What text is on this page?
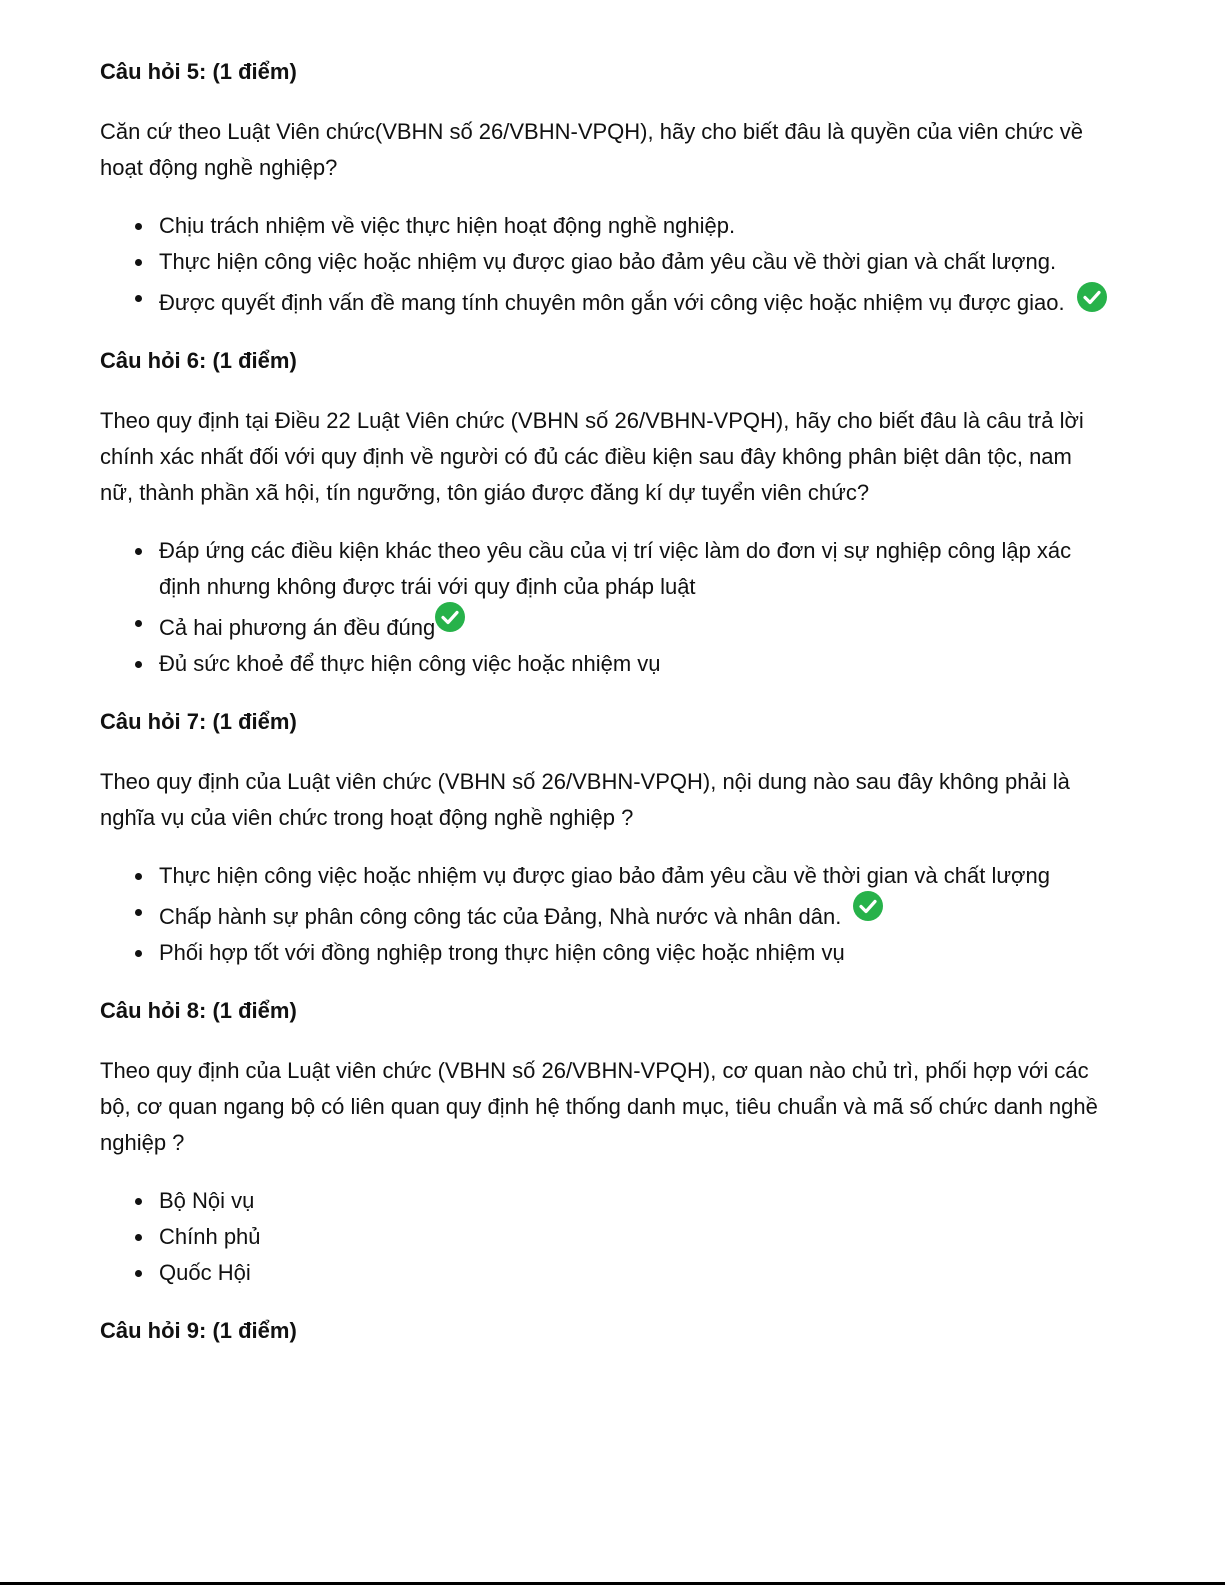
Câu hỏi 5: (1 điểm)

Căn cứ theo Luật Viên chức(VBHN số 26/VBHN-VPQH), hãy cho biết đâu là quyền của viên chức về hoạt động nghề nghiệp?

Chịu trách nhiệm về việc thực hiện hoạt động nghề nghiệp.
Thực hiện công việc hoặc nhiệm vụ được giao bảo đảm yêu cầu về thời gian và chất lượng.
Được quyết định vấn đề mang tính chuyên môn gắn với công việc hoặc nhiệm vụ được giao.

Câu hỏi 6: (1 điểm)

Theo quy định tại Điều 22 Luật Viên chức (VBHN số 26/VBHN-VPQH), hãy cho biết đâu là câu trả lời chính xác nhất đối với quy định về người có đủ các điều kiện sau đây không phân biệt dân tộc, nam nữ, thành phần xã hội, tín ngưỡng, tôn giáo được đăng kí dự tuyển viên chức?

Đáp ứng các điều kiện khác theo yêu cầu của vị trí việc làm do đơn vị sự nghiệp công lập xác định nhưng không được trái với quy định của pháp luật
Cả hai phương án đều đúng
Đủ sức khoẻ để thực hiện công việc hoặc nhiệm vụ

Câu hỏi 7: (1 điểm)

Theo quy định của Luật viên chức (VBHN số 26/VBHN-VPQH), nội dung nào sau đây không phải là nghĩa vụ của viên chức trong hoạt động nghề nghiệp ?

Thực hiện công việc hoặc nhiệm vụ được giao bảo đảm yêu cầu về thời gian và chất lượng
Chấp hành sự phân công công tác của Đảng, Nhà nước và nhân dân.
Phối hợp tốt với đồng nghiệp trong thực hiện công việc hoặc nhiệm vụ

Câu hỏi 8: (1 điểm)

Theo quy định của Luật viên chức (VBHN số 26/VBHN-VPQH), cơ quan nào chủ trì, phối hợp với các bộ, cơ quan ngang bộ có liên quan quy định hệ thống danh mục, tiêu chuẩn và mã số chức danh nghề nghiệp ?

Bộ Nội vụ
Chính phủ
Quốc Hội

Câu hỏi 9: (1 điểm)
